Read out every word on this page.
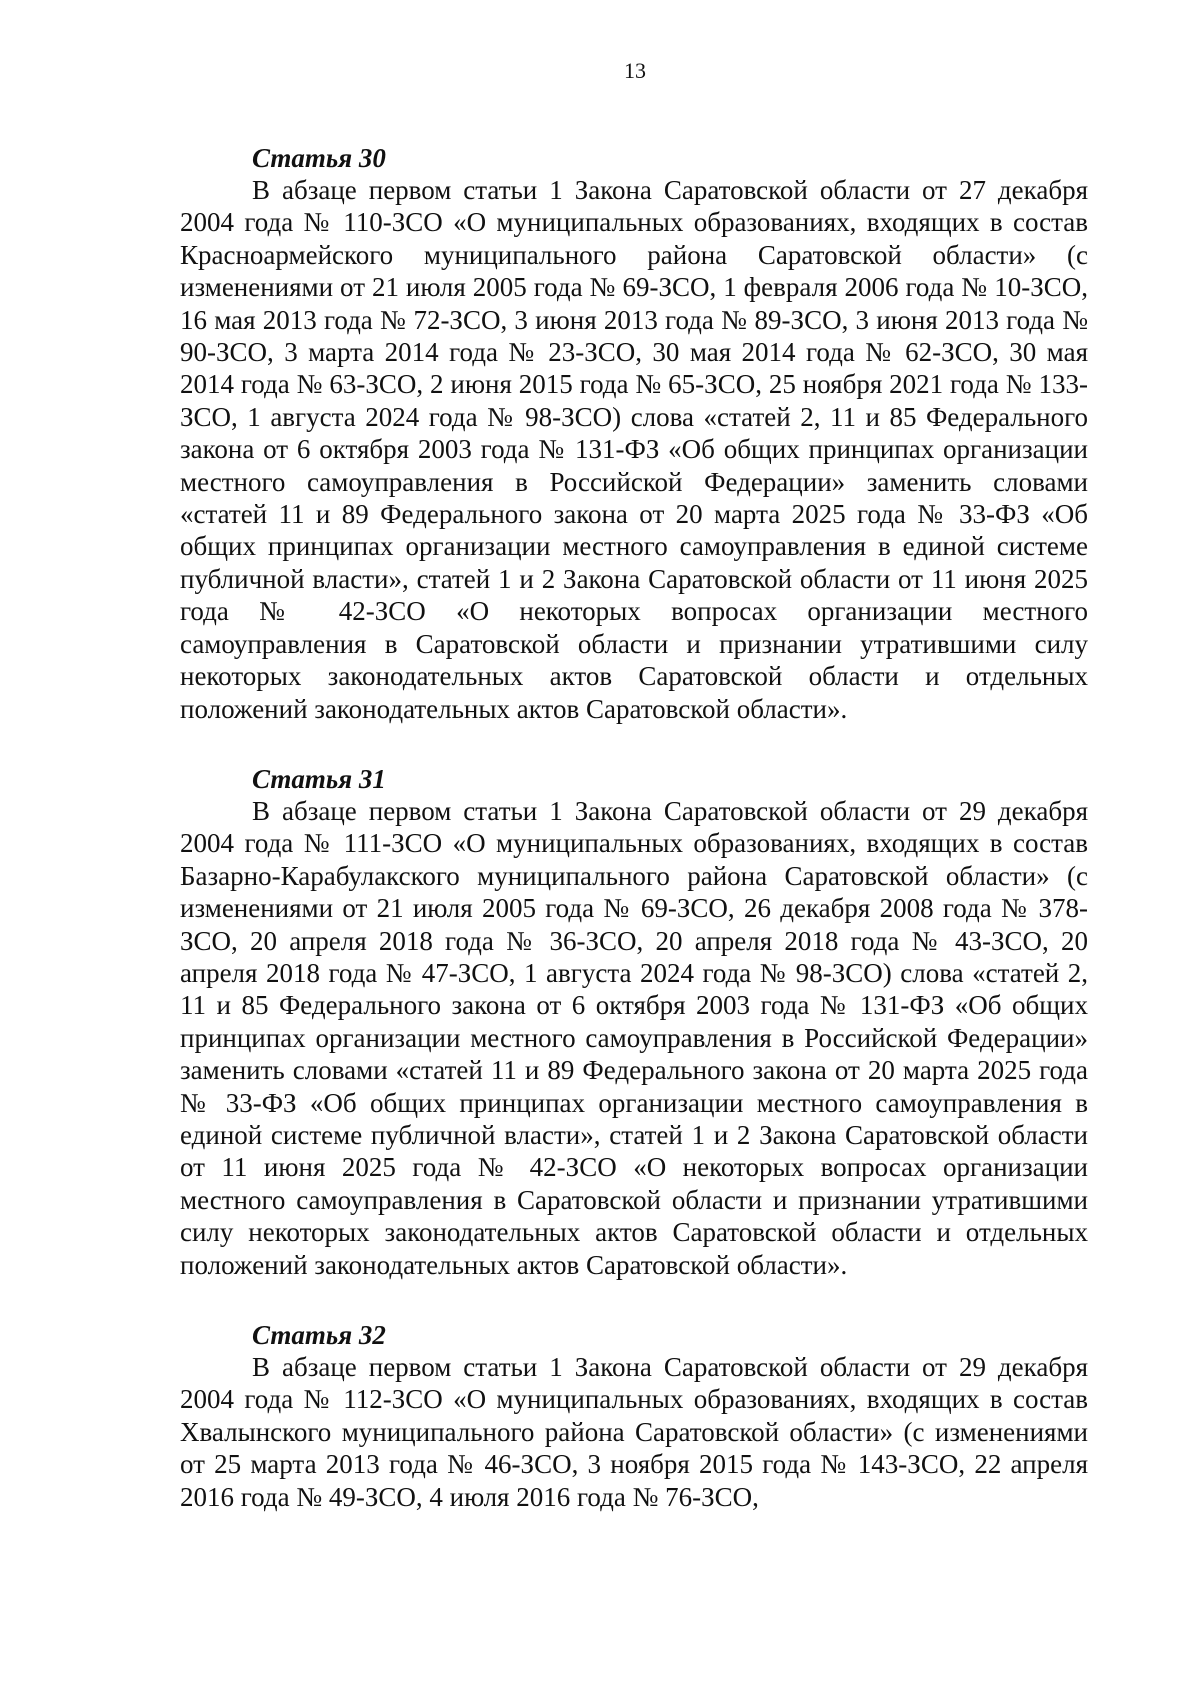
13

Статья 30

В абзаце первом статьи 1 Закона Саратовской области от 27 декабря 2004 года № 110-ЗСО «О муниципальных образованиях, входящих в состав Красноармейского муниципального района Саратовской области» (с изменениями от 21 июля 2005 года № 69-ЗСО, 1 февраля 2006 года № 10-ЗСО, 16 мая 2013 года № 72-ЗСО, 3 июня 2013 года № 89-ЗСО, 3 июня 2013 года № 90-ЗСО, 3 марта 2014 года № 23-ЗСО, 30 мая 2014 года № 62-ЗСО, 30 мая 2014 года № 63-ЗСО, 2 июня 2015 года № 65-ЗСО, 25 ноября 2021 года № 133-ЗСО, 1 августа 2024 года № 98-ЗСО) слова «статей 2, 11 и 85 Федерального закона от 6 октября 2003 года № 131-ФЗ «Об общих принципах организации местного самоуправления в Российской Федерации» заменить словами «статей 11 и 89 Федерального закона от 20 марта 2025 года № 33-ФЗ «Об общих принципах организации местного самоуправления в единой системе публичной власти», статей 1 и 2 Закона Саратовской области от 11 июня 2025 года № 42-ЗСО «О некоторых вопросах организации местного самоуправления в Саратовской области и признании утратившими силу некоторых законодательных актов Саратовской области и отдельных положений законодательных актов Саратовской области».

Статья 31

В абзаце первом статьи 1 Закона Саратовской области от 29 декабря 2004 года № 111-ЗСО «О муниципальных образованиях, входящих в состав Базарно-Карабулакского муниципального района Саратовской области» (с изменениями от 21 июля 2005 года № 69-ЗСО, 26 декабря 2008 года № 378-ЗСО, 20 апреля 2018 года № 36-ЗСО, 20 апреля 2018 года № 43-ЗСО, 20 апреля 2018 года № 47-ЗСО, 1 августа 2024 года № 98-ЗСО) слова «статей 2, 11 и 85 Федерального закона от 6 октября 2003 года № 131-ФЗ «Об общих принципах организации местного самоуправления в Российской Федерации» заменить словами «статей 11 и 89 Федерального закона от 20 марта 2025 года № 33-ФЗ «Об общих принципах организации местного самоуправления в единой системе публичной власти», статей 1 и 2 Закона Саратовской области от 11 июня 2025 года № 42-ЗСО «О некоторых вопросах организации местного самоуправления в Саратовской области и признании утратившими силу некоторых законодательных актов Саратовской области и отдельных положений законодательных актов Саратовской области».

Статья 32

В абзаце первом статьи 1 Закона Саратовской области от 29 декабря 2004 года № 112-ЗСО «О муниципальных образованиях, входящих в состав Хвалынского муниципального района Саратовской области» (с изменениями от 25 марта 2013 года № 46-ЗСО, 3 ноября 2015 года № 143-ЗСО, 22 апреля 2016 года № 49-ЗСО, 4 июля 2016 года № 76-ЗСО,
